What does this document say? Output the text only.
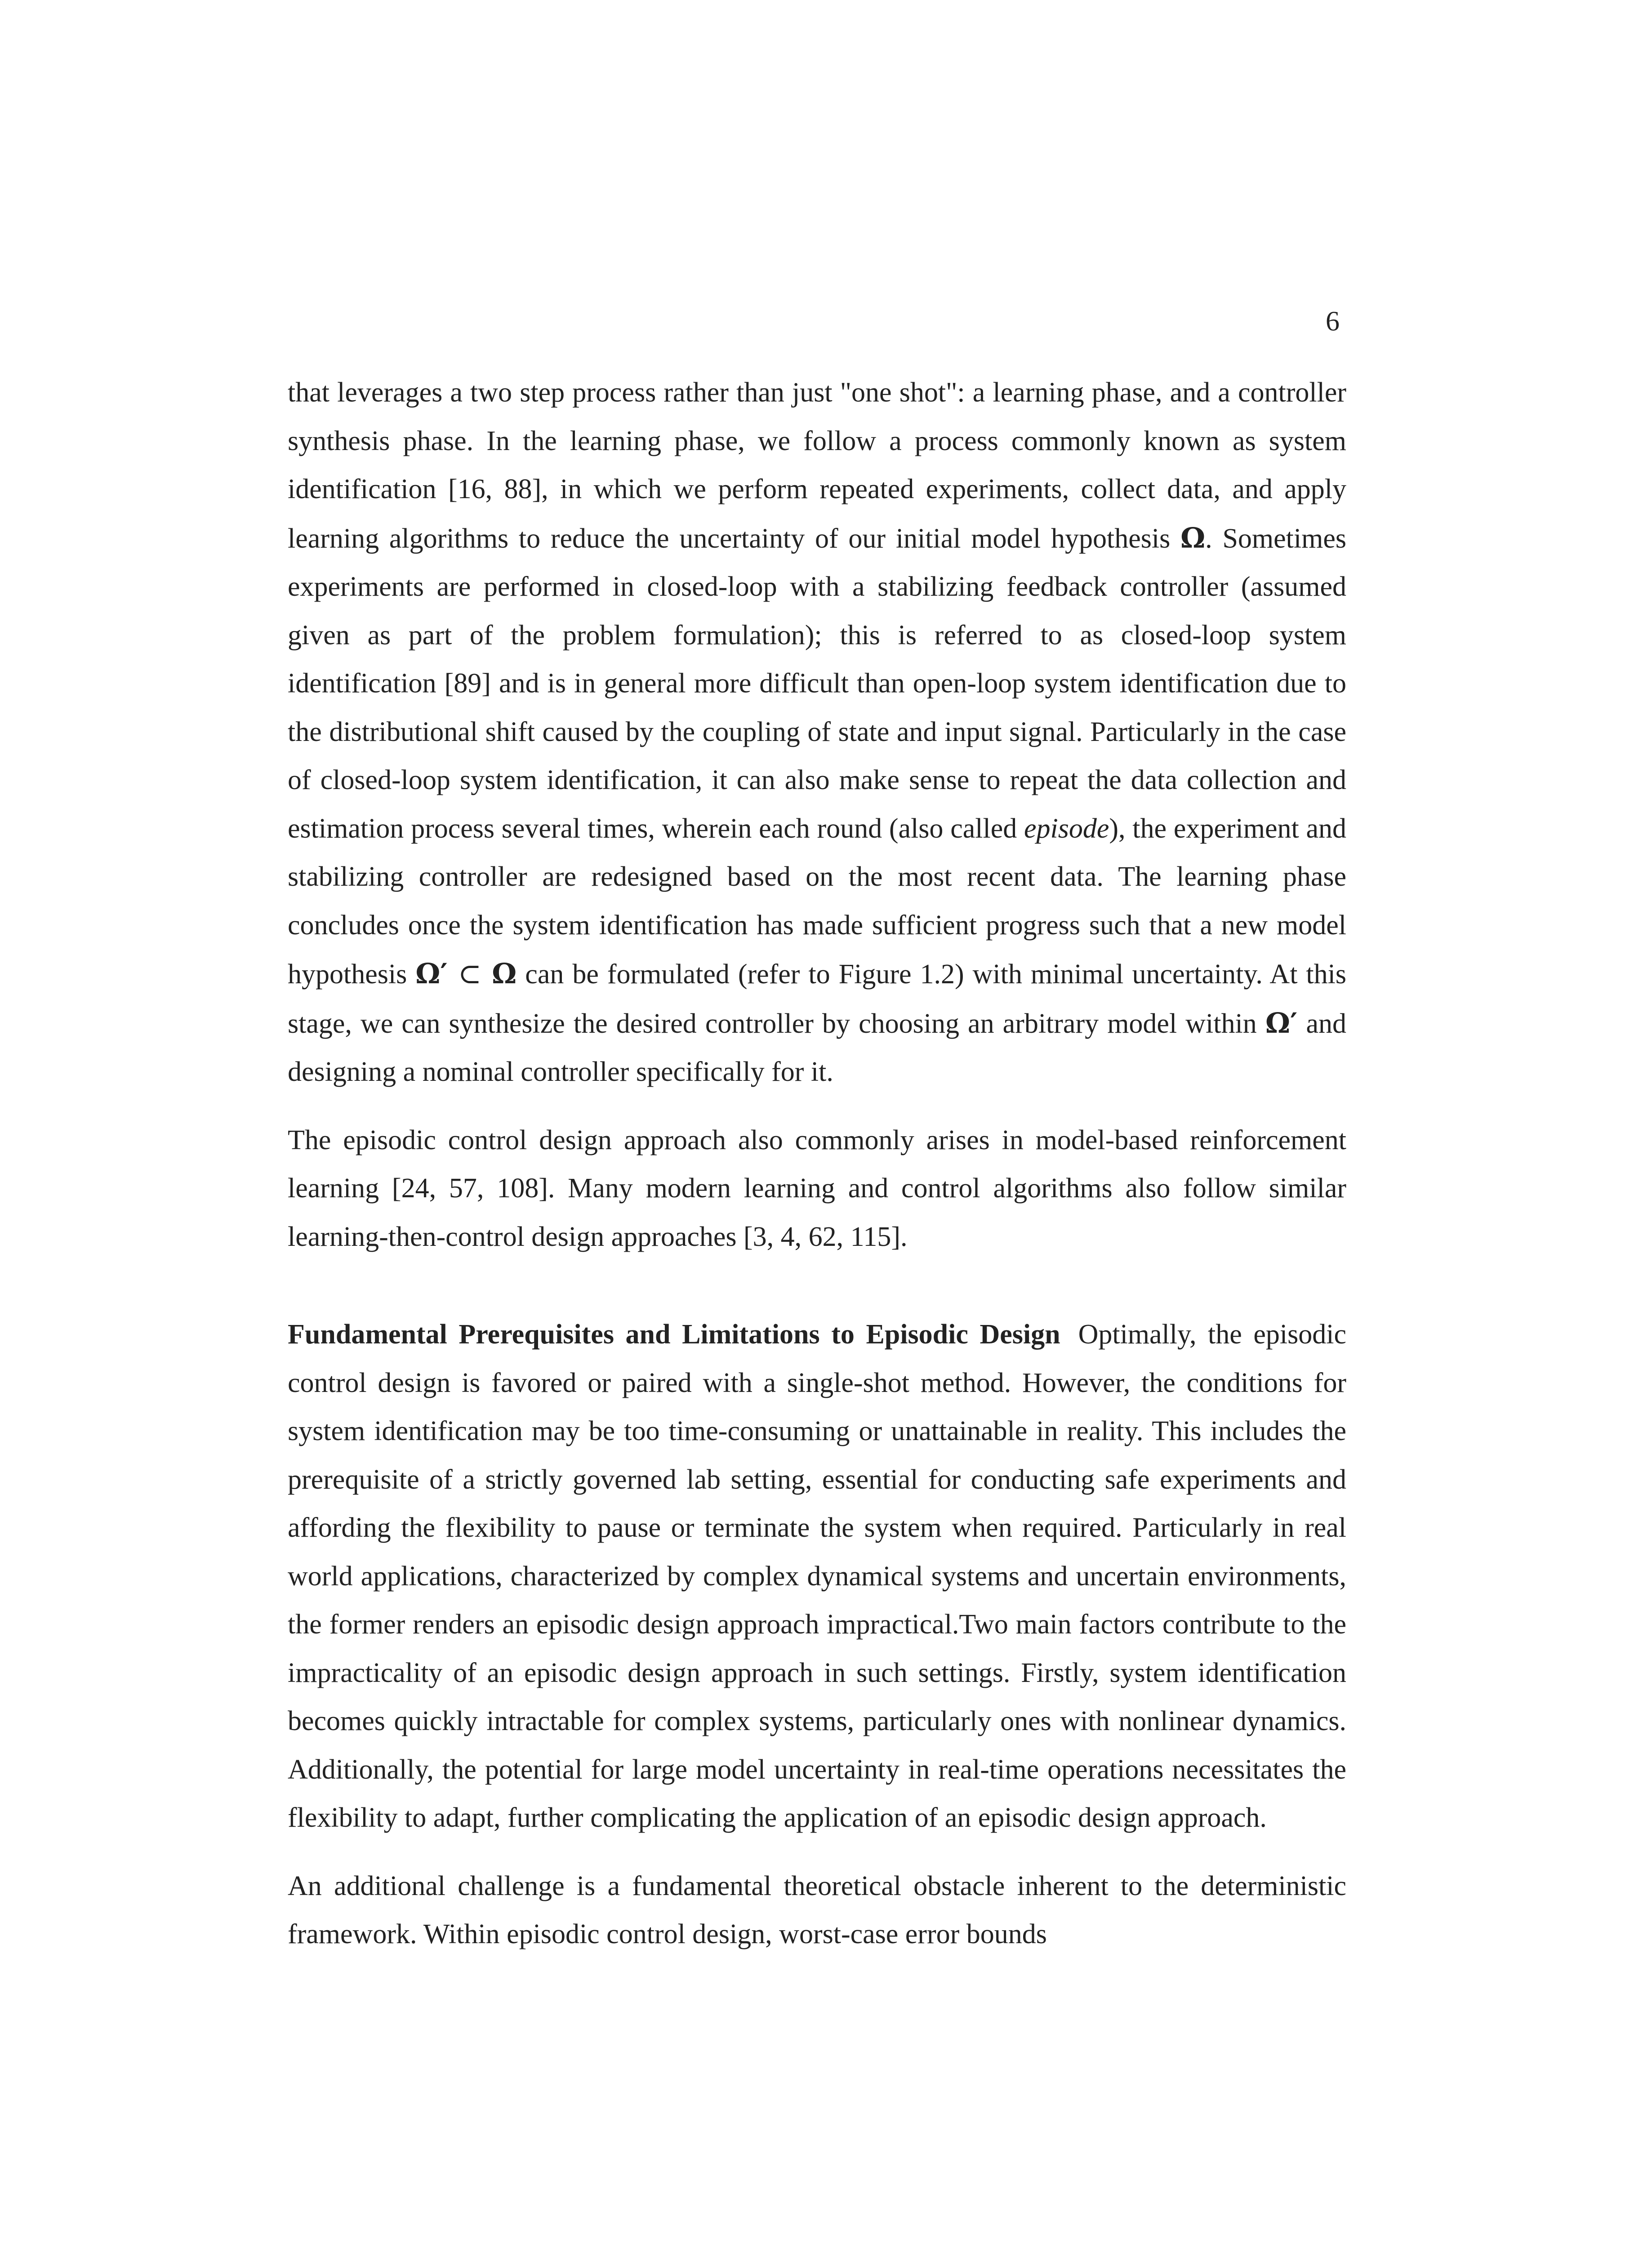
6

that leverages a two step process rather than just "one shot": a learning phase, and a controller synthesis phase. In the learning phase, we follow a process commonly known as system identification [16, 88], in which we perform repeated experiments, collect data, and apply learning algorithms to reduce the uncertainty of our initial model hypothesis Ω. Sometimes experiments are performed in closed-loop with a stabilizing feedback controller (assumed given as part of the problem formulation); this is referred to as closed-loop system identification [89] and is in general more difficult than open-loop system identification due to the distributional shift caused by the coupling of state and input signal. Particularly in the case of closed-loop system identification, it can also make sense to repeat the data collection and estimation process several times, wherein each round (also called episode), the experiment and stabilizing controller are redesigned based on the most recent data. The learning phase concludes once the system identification has made sufficient progress such that a new model hypothesis Ω′ ⊂ Ω can be formulated (refer to Figure 1.2) with minimal uncertainty. At this stage, we can synthesize the desired controller by choosing an arbitrary model within Ω′ and designing a nominal controller specifically for it.

The episodic control design approach also commonly arises in model-based reinforcement learning [24, 57, 108]. Many modern learning and control algorithms also follow similar learning-then-control design approaches [3, 4, 62, 115].

Fundamental Prerequisites and Limitations to Episodic Design Optimally, the episodic control design is favored or paired with a single-shot method. However, the conditions for system identification may be too time-consuming or unattainable in reality. This includes the prerequisite of a strictly governed lab setting, essential for conducting safe experiments and affording the flexibility to pause or terminate the system when required. Particularly in real world applications, characterized by complex dynamical systems and uncertain environments, the former renders an episodic design approach impractical.Two main factors contribute to the impracticality of an episodic design approach in such settings. Firstly, system identification becomes quickly intractable for complex systems, particularly ones with nonlinear dynamics. Additionally, the potential for large model uncertainty in real-time operations necessitates the flexibility to adapt, further complicating the application of an episodic design approach.

An additional challenge is a fundamental theoretical obstacle inherent to the deterministic framework. Within episodic control design, worst-case error bounds
